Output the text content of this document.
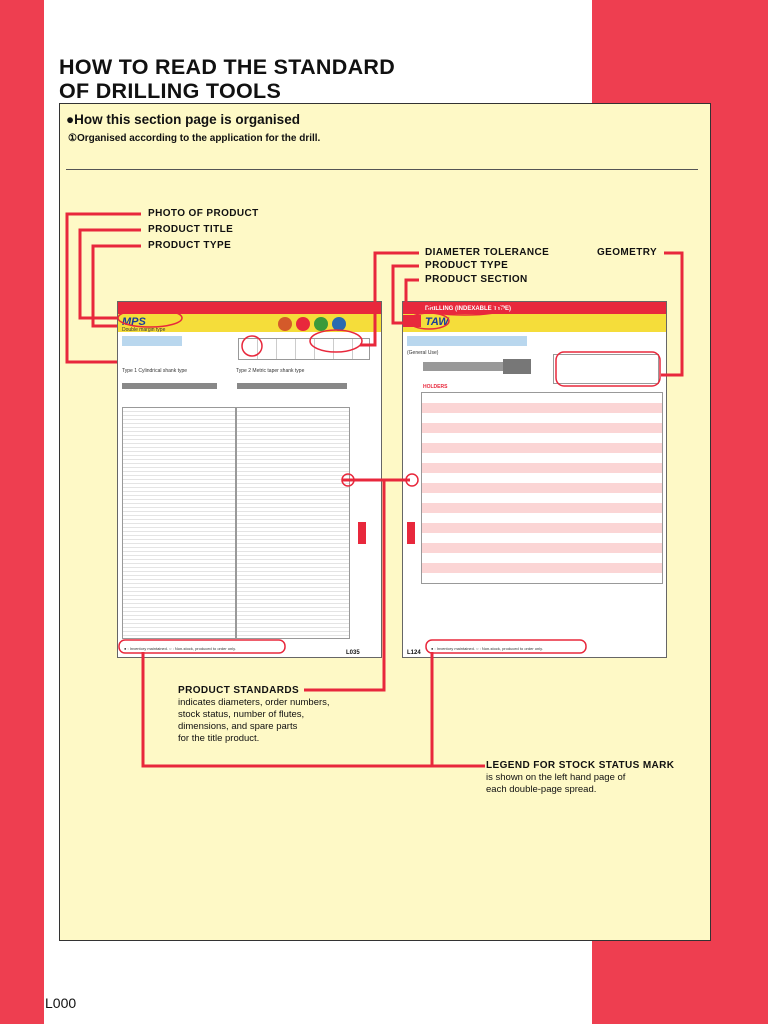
HOW TO READ THE STANDARD
OF DRILLING TOOLS
●How this section page is organised
①Organised according to the application for the drill.
MPS
Double margin type
Type 1 Cylindrical shank type	Type 2 Metric taper shank type
● : Inventory maintained. ○ : Non-stock, produced to order only.
L035
DRILLING (INDEXABLE TYPE)
TAW
(General Use)
HOLDERS
L124
● : Inventory maintained. ○ : Non-stock, produced to order only.
PHOTO OF PRODUCT
PRODUCT TITLE
PRODUCT TYPE
DIAMETER TOLERANCE
PRODUCT TYPE
PRODUCT SECTION
GEOMETRY
PRODUCT STANDARDS
indicates diameters, order numbers,
stock status, number of flutes,
dimensions, and spare parts
for the title product.
LEGEND FOR STOCK STATUS MARK
is shown on the left hand page of
each double-page spread.
L000
